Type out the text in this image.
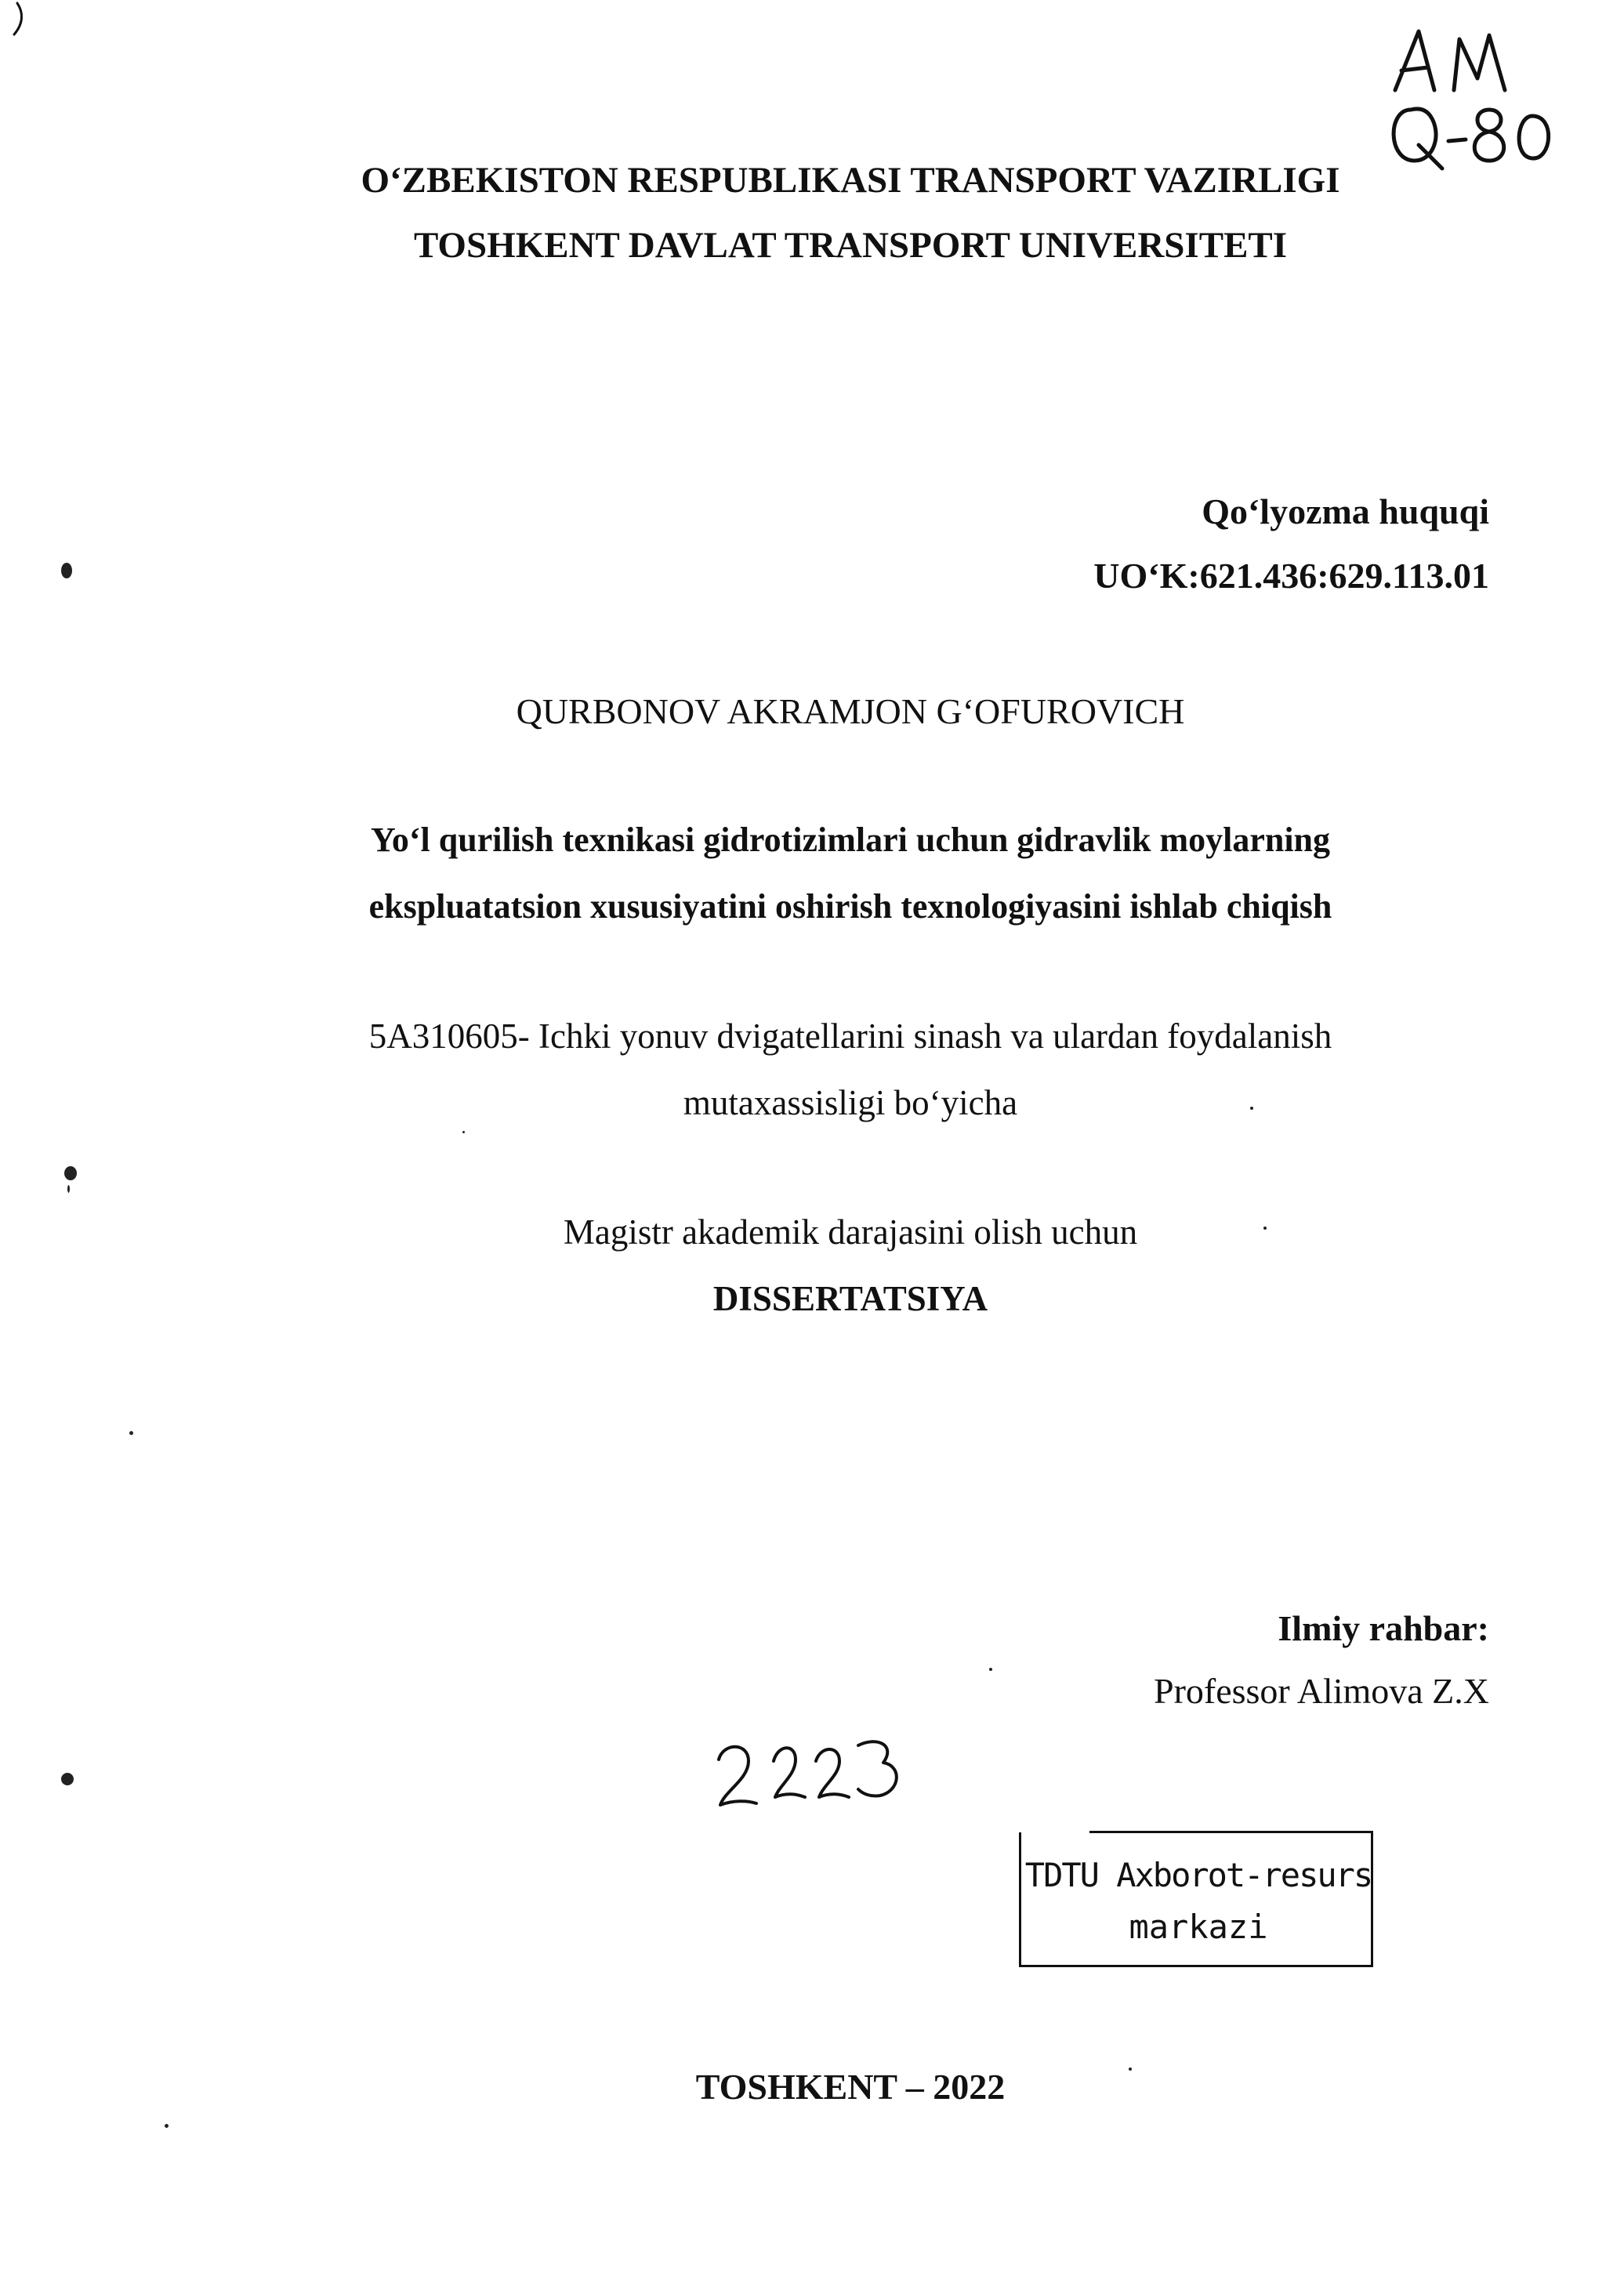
O‘ZBEKISTON RESPUBLIKASI TRANSPORT VAZIRLIGI
TOSHKENT DAVLAT TRANSPORT UNIVERSITETI
Qo‘lyozma huquqi
UO‘K:621.436:629.113.01
QURBONOV AKRAMJON G‘OFUROVICH
Yo‘l qurilish texnikasi gidrotizimlari uchun gidravlik moylarning
ekspluatatsion xususiyatini oshirish texnologiyasini ishlab chiqish
5A310605- Ichki yonuv dvigatellarini sinash va ulardan foydalanish
mutaxassisligi bo‘yicha
Magistr akademik darajasini olish uchun
DISSERTATSIYA
Ilmiy rahbar:
Professor Alimova Z.X
TDTU Axborot-resurs
markazi
TOSHKENT – 2022
